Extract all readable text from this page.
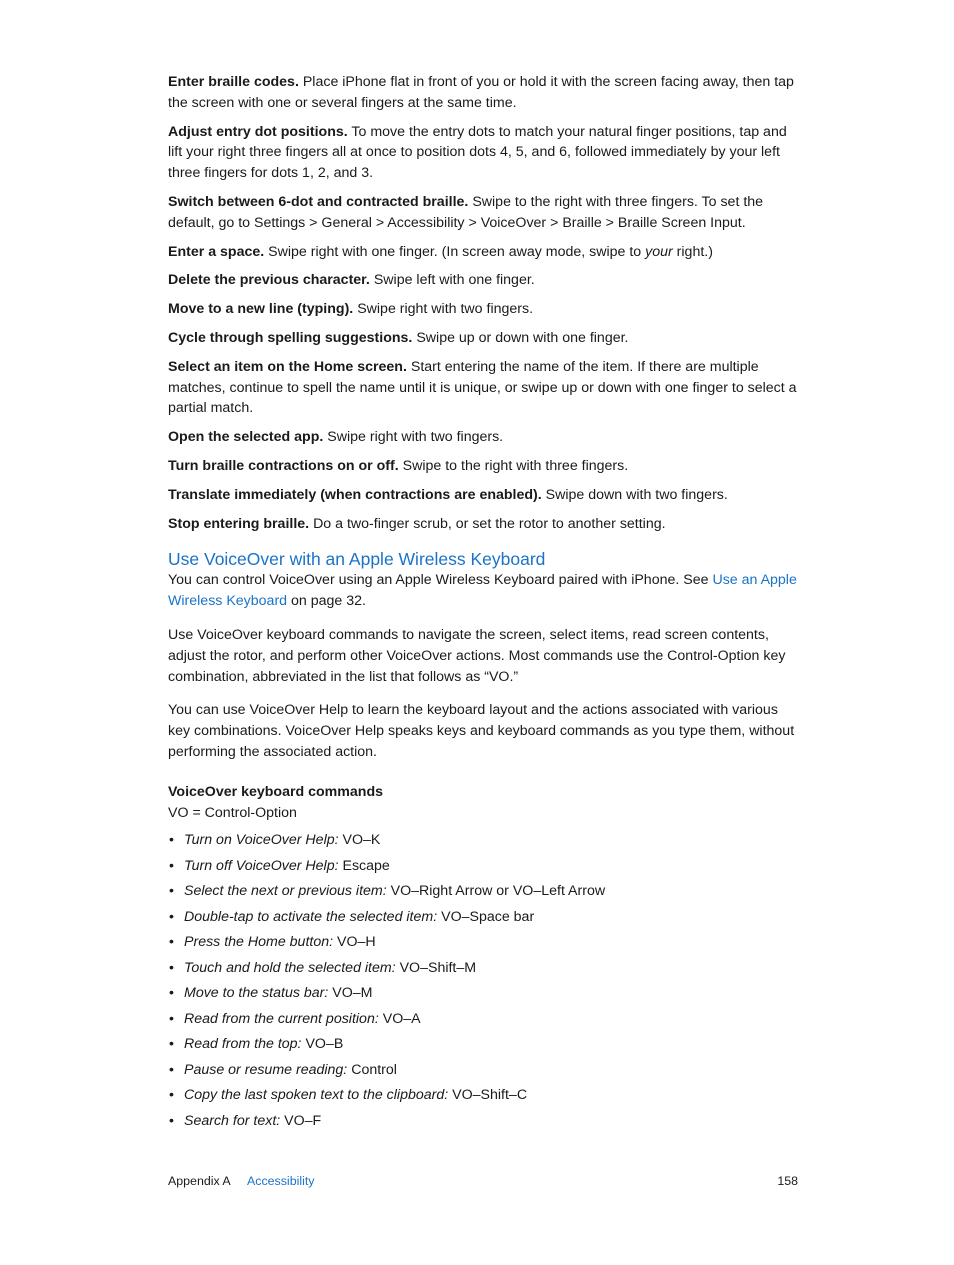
Enter braille codes. Place iPhone flat in front of you or hold it with the screen facing away, then tap the screen with one or several fingers at the same time.

Adjust entry dot positions. To move the entry dots to match your natural finger positions, tap and lift your right three fingers all at once to position dots 4, 5, and 6, followed immediately by your left three fingers for dots 1, 2, and 3.

Switch between 6-dot and contracted braille. Swipe to the right with three fingers. To set the default, go to Settings > General > Accessibility > VoiceOver > Braille > Braille Screen Input.

Enter a space. Swipe right with one finger. (In screen away mode, swipe to your right.)

Delete the previous character. Swipe left with one finger.

Move to a new line (typing). Swipe right with two fingers.

Cycle through spelling suggestions. Swipe up or down with one finger.

Select an item on the Home screen. Start entering the name of the item. If there are multiple matches, continue to spell the name until it is unique, or swipe up or down with one finger to select a partial match.

Open the selected app. Swipe right with two fingers.

Turn braille contractions on or off. Swipe to the right with three fingers.

Translate immediately (when contractions are enabled). Swipe down with two fingers.

Stop entering braille. Do a two-finger scrub, or set the rotor to another setting.

Use VoiceOver with an Apple Wireless Keyboard

You can control VoiceOver using an Apple Wireless Keyboard paired with iPhone. See Use an Apple Wireless Keyboard on page 32.

Use VoiceOver keyboard commands to navigate the screen, select items, read screen contents, adjust the rotor, and perform other VoiceOver actions. Most commands use the Control-Option key combination, abbreviated in the list that follows as “VO.”

You can use VoiceOver Help to learn the keyboard layout and the actions associated with various key combinations. VoiceOver Help speaks keys and keyboard commands as you type them, without performing the associated action.

VoiceOver keyboard commands
VO = Control-Option
• Turn on VoiceOver Help: VO–K
• Turn off VoiceOver Help: Escape
• Select the next or previous item: VO–Right Arrow or VO–Left Arrow
• Double-tap to activate the selected item: VO–Space bar
• Press the Home button: VO–H
• Touch and hold the selected item: VO–Shift–M
• Move to the status bar: VO–M
• Read from the current position: VO–A
• Read from the top: VO–B
• Pause or resume reading: Control
• Copy the last spoken text to the clipboard: VO–Shift–C
• Search for text: VO–F
Appendix A Accessibility	158
